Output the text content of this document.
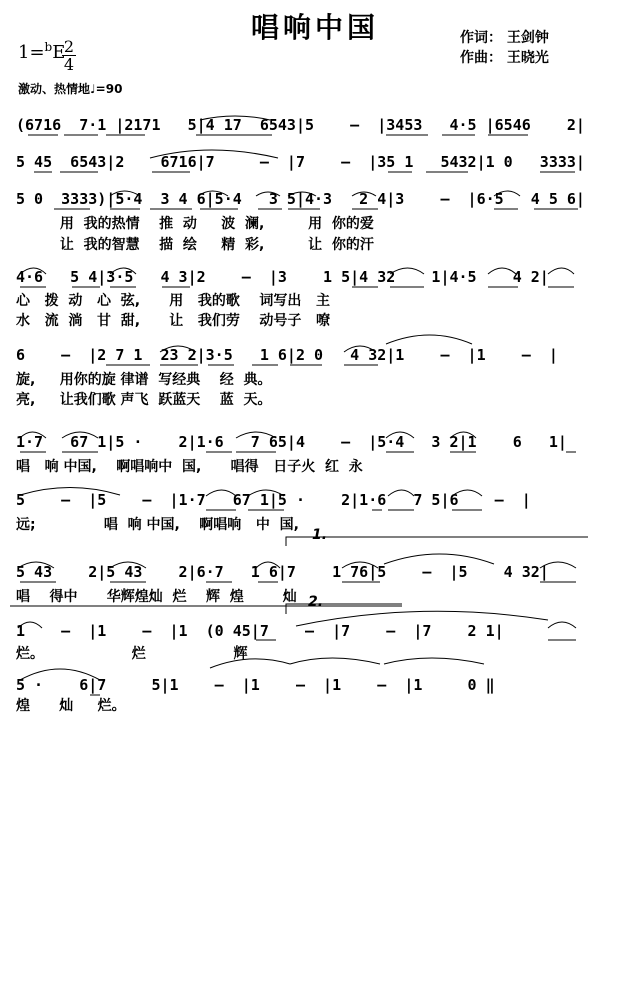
唱响中国	作词： 王剑钟
作曲： 王晓光
1=$^b$E
2
4
激动、热情地♩=90
(6716  7·1 |2171   5|4 17  6543|5    —  |3453   4·5 |6546    2|
5 45  6543|2    6716|7     —  |7    —  |35 1   5432|1 0   3333|
5 0  3333)|5·4  3 4 6|5·4   3 5|4·3   2 4|3    —  |6·5   4 5 6|
用  我的热情    推  动     波  澜,         用  你的爱
让  我的智慧    描  绘     精  彩,         让  你的汗
4·6   5 4|3·5   4 3|2    —  |3    1 5|4 32    1|4·5    4 2|
心   拨  动   心  弦,      用   我的歌    词写出   主
水   流  淌   甘  甜,      让   我们劳    动号子   嘹
6    —  |2 7 1  23 2|3·5   1 6|2 0   4 32|1    —  |1    —  |
旋,     用你的旋 律谱  写经典    经  典。
亮,     让我们歌 声飞  跃蓝天    蓝  天。
1·7   67 1|5 ·    2|1·6   7 65|4    —  |5·4   3 2|1    6   1|
唱   响 中国,    啊唱响中  国,      唱得   日子火  红  永
5    —  |5    —  |1·7   67 1|5 ·    2|1·6   7 5|6    —  |
远;              唱  响 中国,    啊唱响   中  国,
1.
5 43    2|5 43    2|6·7   1 6|7    1 76|5    —  |5    4 32|
唱    得中      华辉煌灿  烂    辉  煌        灿 2.
1    —  |1    —  |1  (0 45|7    —  |7    —  |7    2 1|
烂。                  烂                  辉
5 ·    6|7     5|1    —  |1    —  |1    —  |1     0 ‖
煌      灿     烂。
